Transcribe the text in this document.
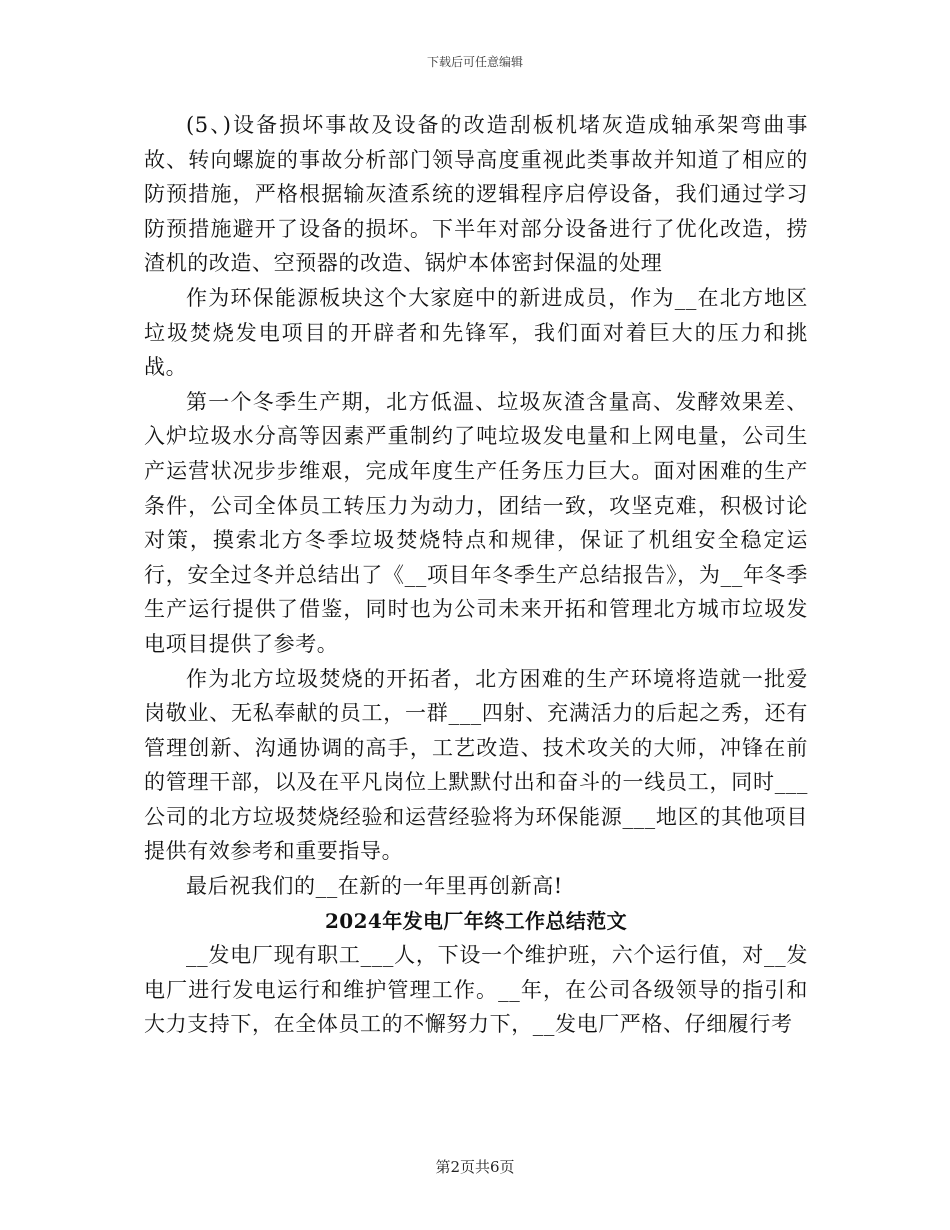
下载后可任意编辑

(5、)设备损坏事故及设备的改造刮板机堵灰造成轴承架弯曲事故、转向螺旋的事故分析部门领导高度重视此类事故并知道了相应的防预措施，严格根据输灰渣系统的逻辑程序启停设备，我们通过学习防预措施避开了设备的损坏。下半年对部分设备进行了优化改造，捞渣机的改造、空预器的改造、锅炉本体密封保温的处理

作为环保能源板块这个大家庭中的新进成员，作为__在北方地区垃圾焚烧发电项目的开辟者和先锋军，我们面对着巨大的压力和挑战。

第一个冬季生产期，北方低温、垃圾灰渣含量高、发酵效果差、入炉垃圾水分高等因素严重制约了吨垃圾发电量和上网电量，公司生产运营状况步步维艰，完成年度生产任务压力巨大。面对困难的生产条件，公司全体员工转压力为动力，团结一致，攻坚克难，积极讨论对策，摸索北方冬季垃圾焚烧特点和规律，保证了机组安全稳定运行，安全过冬并总结出了《__项目年冬季生产总结报告》，为__年冬季生产运行提供了借鉴，同时也为公司未来开拓和管理北方城市垃圾发电项目提供了参考。

作为北方垃圾焚烧的开拓者，北方困难的生产环境将造就一批爱岗敬业、无私奉献的员工，一群___四射、充满活力的后起之秀，还有管理创新、沟通协调的高手，工艺改造、技术攻关的大师，冲锋在前的管理干部，以及在平凡岗位上默默付出和奋斗的一线员工，同时___公司的北方垃圾焚烧经验和运营经验将为环保能源___地区的其他项目提供有效参考和重要指导。

最后祝我们的__在新的一年里再创新高!

2024年发电厂年终工作总结范文

__发电厂现有职工___人，下设一个维护班，六个运行值，对__发电厂进行发电运行和维护管理工作。__年，在公司各级领导的指引和大力支持下，在全体员工的不懈努力下，__发电厂严格、仔细履行考

第2页共6页
